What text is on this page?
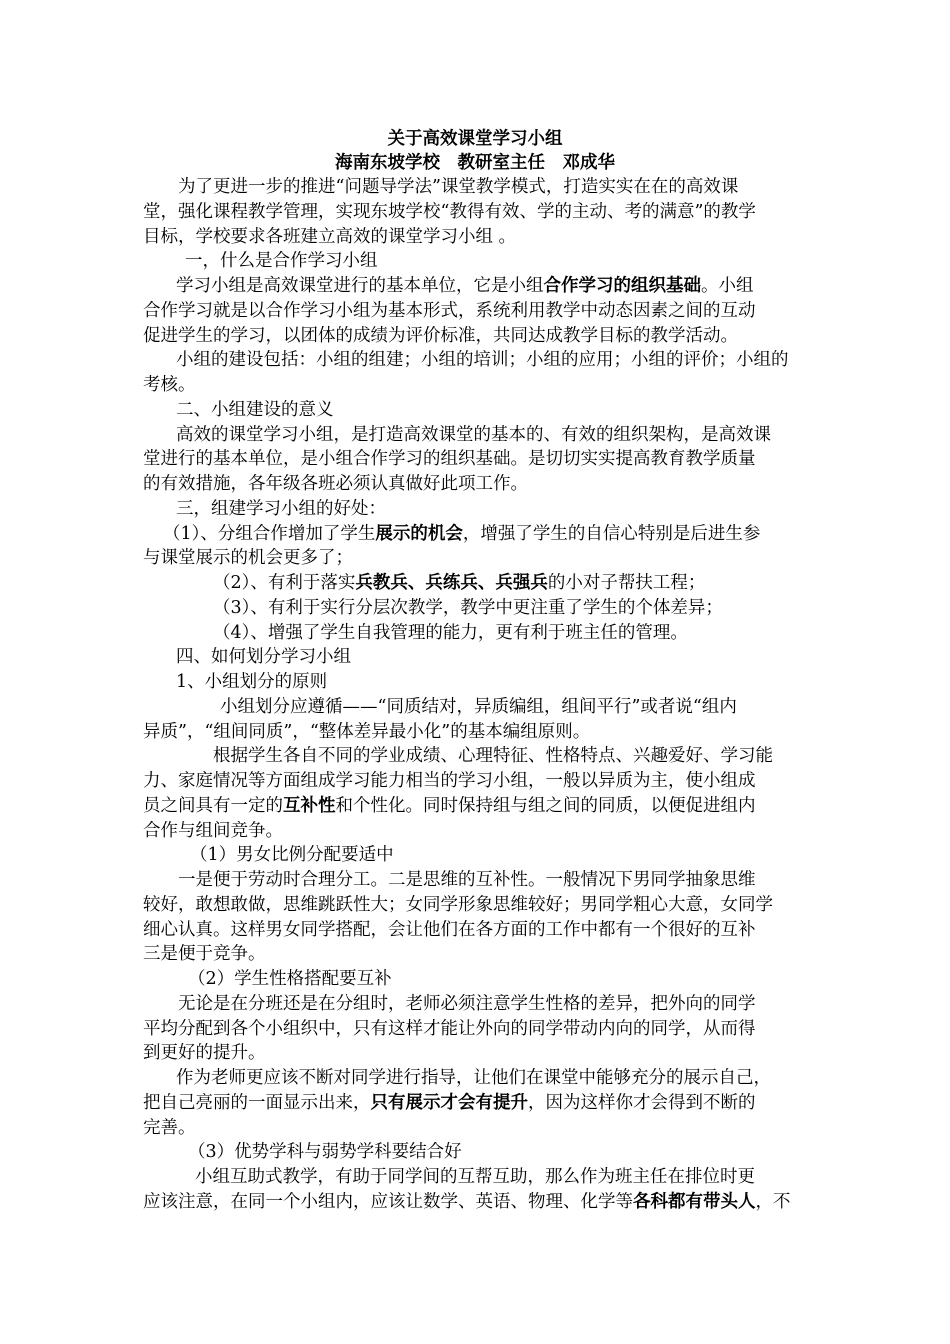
关于高效课堂学习小组
海南东坡学校　教研室主任　邓成华
为了更进一步的推进“问题导学法”课堂教学模式，打造实实在在的高效课
堂，强化课程教学管理，实现东坡学校“教得有效、学的主动、考的满意”的教学
目标，学校要求各班建立高效的课堂学习小组 。
一，什么是合作学习小组
学习小组是高效课堂进行的基本单位，它是小组合作学习的组织基础。小组
合作学习就是以合作学习小组为基本形式，系统利用教学中动态因素之间的互动
促进学生的学习，以团体的成绩为评价标准，共同达成教学目标的教学活动。
小组的建设包括：小组的组建；小组的培训；小组的应用；小组的评价；小组的
考核。
二、小组建设的意义
高效的课堂学习小组，是打造高效课堂的基本的、有效的组织架构，是高效课
堂进行的基本单位，是小组合作学习的组织基础。是切切实实提高教育教学质量
的有效措施，各年级各班必须认真做好此项工作。
三，组建学习小组的好处：
（1）、分组合作增加了学生展示的机会，增强了学生的自信心特别是后进生参
与课堂展示的机会更多了；
（2）、有利于落实兵教兵、兵练兵、兵强兵的小对子帮扶工程；
（3）、有利于实行分层次教学，教学中更注重了学生的个体差异；
（4）、增强了学生自我管理的能力，更有利于班主任的管理。
四、如何划分学习小组
1、小组划分的原则
小组划分应遵循——“同质结对，异质编组，组间平行”或者说“组内
异质”，“组间同质”，“整体差异最小化”的基本编组原则。
根据学生各自不同的学业成绩、心理特征、性格特点、兴趣爱好、学习能
力、家庭情况等方面组成学习能力相当的学习小组，一般以异质为主，使小组成
员之间具有一定的互补性和个性化。同时保持组与组之间的同质，以便促进组内
合作与组间竞争。
（1）男女比例分配要适中
一是便于劳动时合理分工。二是思维的互补性。一般情况下男同学抽象思维
较好，敢想敢做，思维跳跃性大；女同学形象思维较好；男同学粗心大意，女同学
细心认真。这样男女同学搭配，会让他们在各方面的工作中都有一个很好的互补
三是便于竞争。
（2）学生性格搭配要互补
无论是在分班还是在分组时，老师必须注意学生性格的差异，把外向的同学
平均分配到各个小组织中，只有这样才能让外向的同学带动内向的同学，从而得
到更好的提升。
作为老师更应该不断对同学进行指导，让他们在课堂中能够充分的展示自己，
把自己亮丽的一面显示出来，只有展示才会有提升，因为这样你才会得到不断的
完善。
（3）优势学科与弱势学科要结合好
小组互助式教学，有助于同学间的互帮互助，那么作为班主任在排位时更
应该注意，在同一个小组内，应该让数学、英语、物理、化学等各科都有带头人，不
